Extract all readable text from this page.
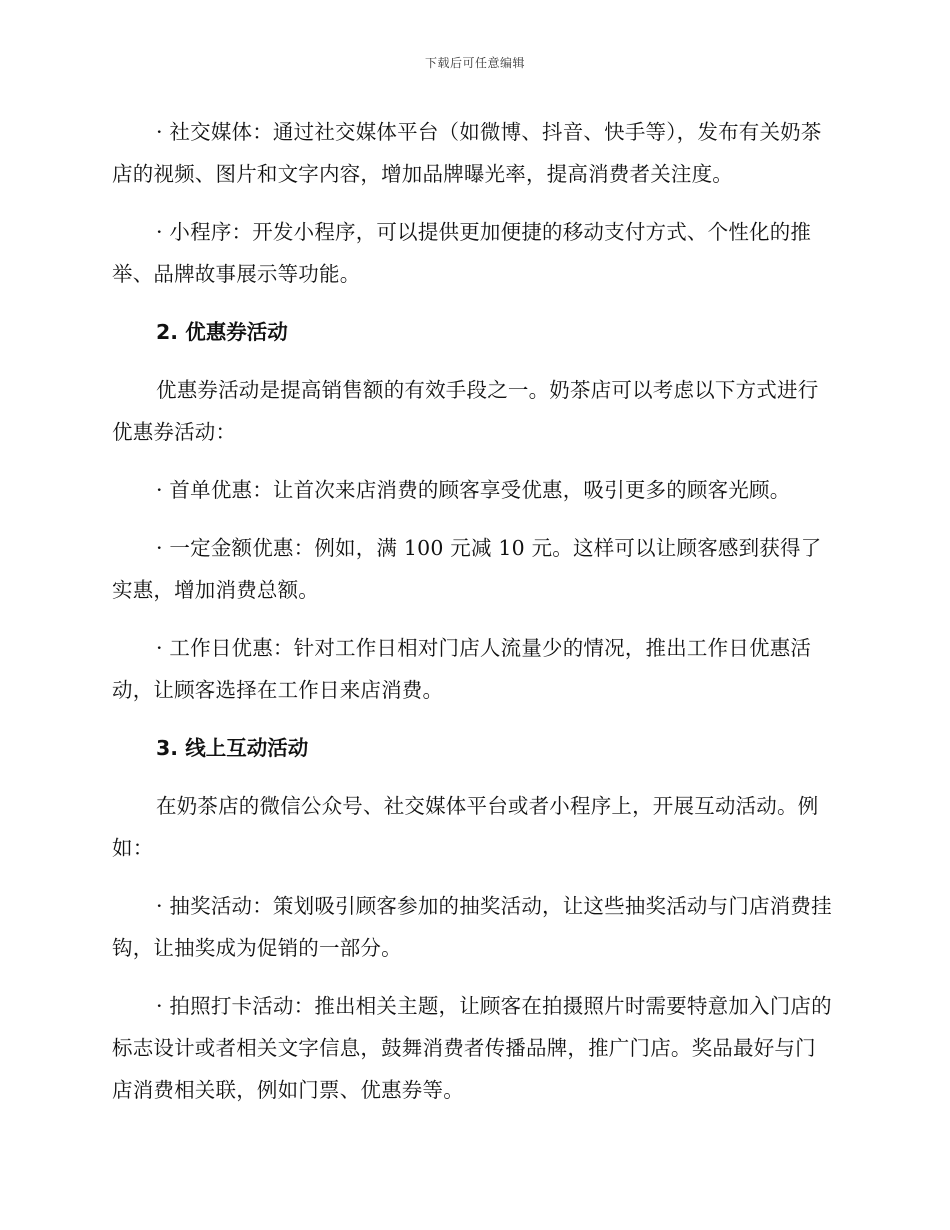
下载后可任意编辑

· 社交媒体：通过社交媒体平台（如微博、抖音、快手等），发布有关奶茶店的视频、图片和文字内容，增加品牌曝光率，提高消费者关注度。

· 小程序：开发小程序，可以提供更加便捷的移动支付方式、个性化的推举、品牌故事展示等功能。

2. 优惠券活动

优惠券活动是提高销售额的有效手段之一。奶茶店可以考虑以下方式进行优惠券活动：

· 首单优惠：让首次来店消费的顾客享受优惠，吸引更多的顾客光顾。

· 一定金额优惠：例如，满 100 元减 10 元。这样可以让顾客感到获得了实惠，增加消费总额。

· 工作日优惠：针对工作日相对门店人流量少的情况，推出工作日优惠活动，让顾客选择在工作日来店消费。

3. 线上互动活动

在奶茶店的微信公众号、社交媒体平台或者小程序上，开展互动活动。例如：

· 抽奖活动：策划吸引顾客参加的抽奖活动，让这些抽奖活动与门店消费挂钩，让抽奖成为促销的一部分。

· 拍照打卡活动：推出相关主题，让顾客在拍摄照片时需要特意加入门店的标志设计或者相关文字信息，鼓舞消费者传播品牌，推广门店。奖品最好与门店消费相关联，例如门票、优惠券等。
